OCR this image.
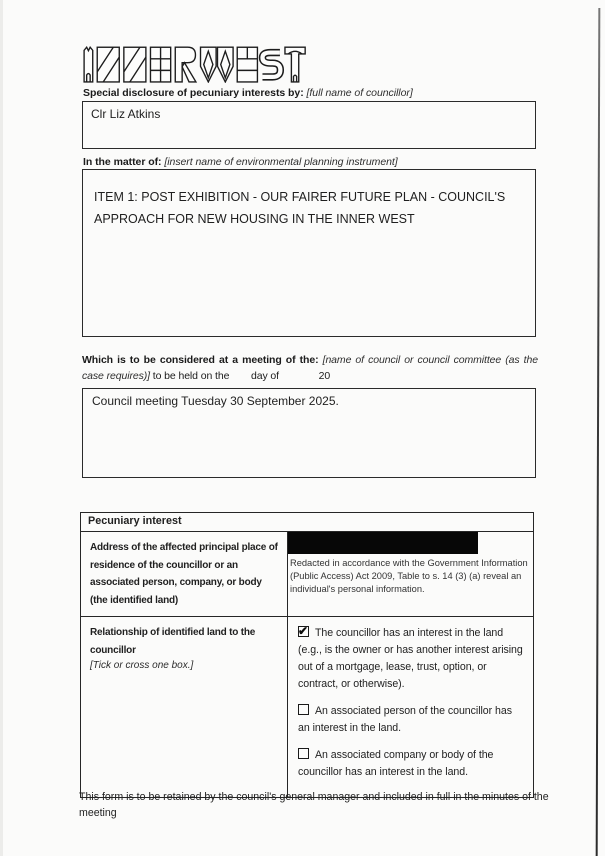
Special disclosure of pecuniary interests by: [full name of councillor]
Clr Liz Atkins
In the matter of: [insert name of environmental planning instrument]
ITEM 1: POST EXHIBITION - OUR FAIRER FUTURE PLAN - COUNCIL'S APPROACH FOR NEW HOUSING IN THE INNER WEST
Which is to be considered at a meeting of the: [name of council or council committee (as the case requires)] to be held on the day of	20
Council meeting Tuesday 30 September 2025.
Pecuniary interest
Address of the affected principal place of residence of the councillor or an associated person, company, or body (the identified land)
Redacted in accordance with the Government Information (Public Access) Act 2009, Table to s. 14 (3) (a) reveal an individual's personal information.
Relationship of identified land to the councillor
[Tick or cross one box.]
✔ The councillor has an interest in the land (e.g., is the owner or has another interest arising out of a mortgage, lease, trust, option, or contract, or otherwise).
An associated person of the councillor has an interest in the land.
An associated company or body of the councillor has an interest in the land.
This form is to be retained by the council's general manager and included in full in the minutes of the meeting
